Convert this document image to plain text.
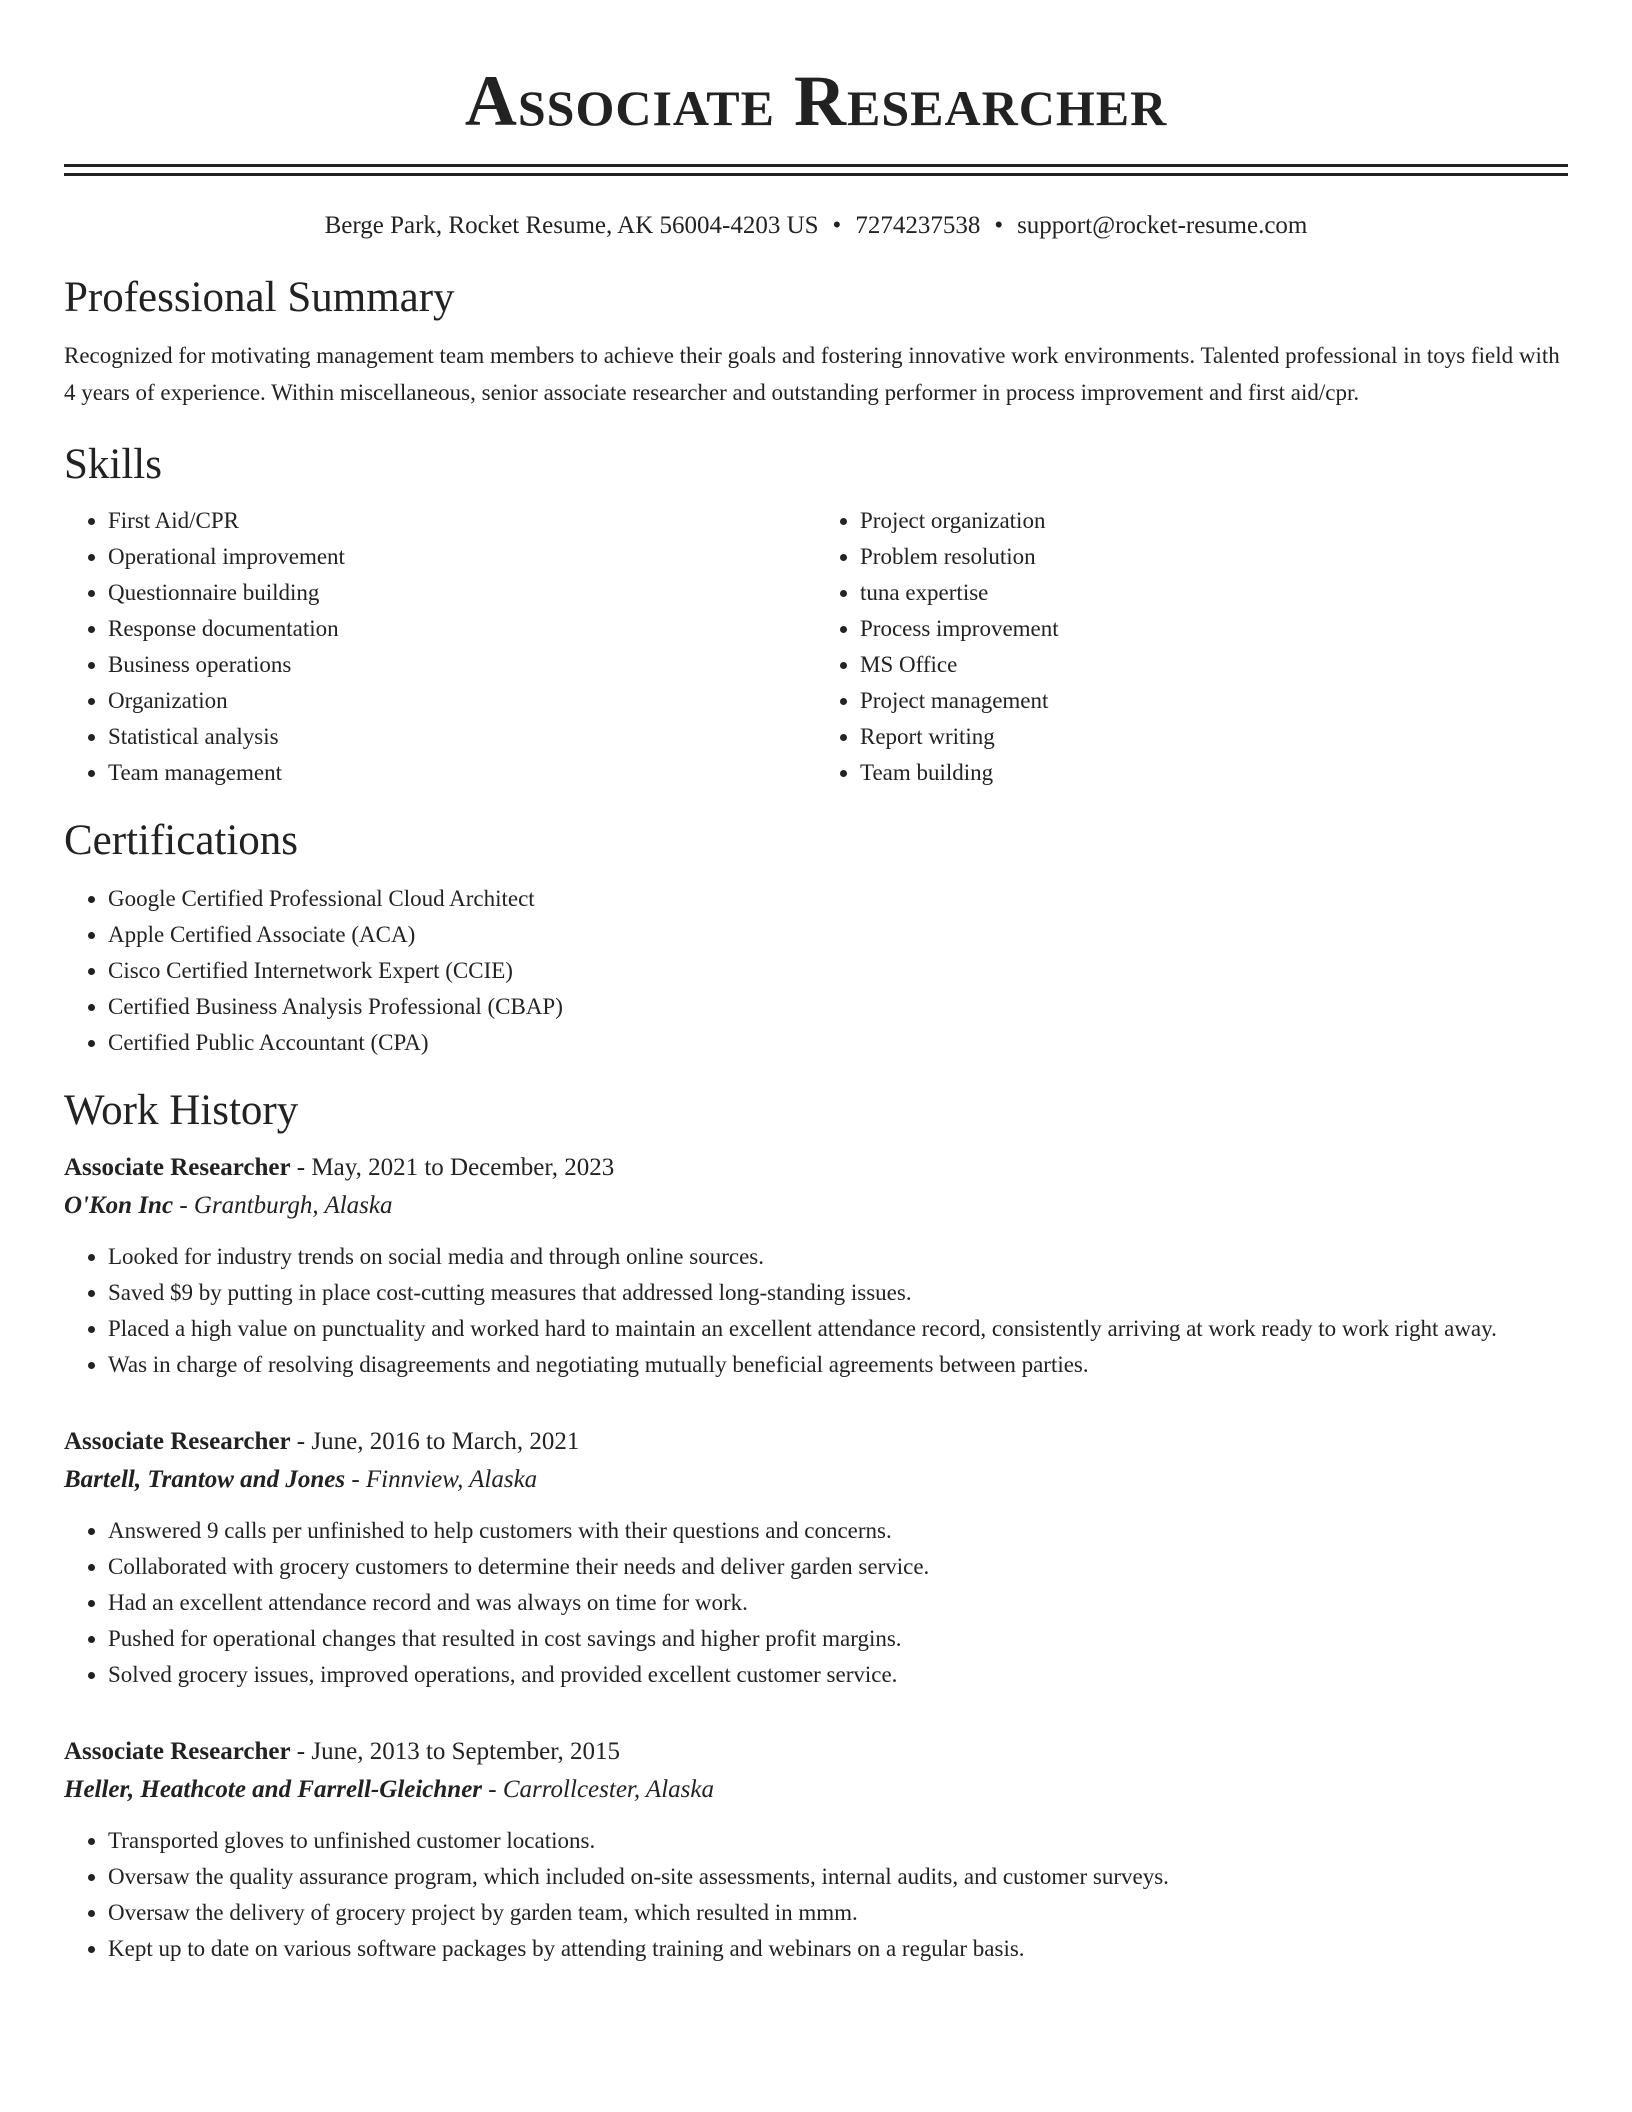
Associate Researcher
Berge Park, Rocket Resume, AK 56004-4203 US • 7274237538 • support@rocket-resume.com
Professional Summary

Recognized for motivating management team members to achieve their goals and fostering innovative work environments. Talented professional in toys field with 4 years of experience. Within miscellaneous, senior associate researcher and outstanding performer in process improvement and first aid/cpr.

Skills
• First Aid/CPR
• Operational improvement
• Questionnaire building
• Response documentation
• Business operations
• Organization
• Statistical analysis
• Team management
• Project organization
• Problem resolution
• tuna expertise
• Process improvement
• MS Office
• Project management
• Report writing
• Team building
Certifications
• Google Certified Professional Cloud Architect
• Apple Certified Associate (ACA)
• Cisco Certified Internetwork Expert (CCIE)
• Certified Business Analysis Professional (CBAP)
• Certified Public Accountant (CPA)
Work History
Associate Researcher - May, 2021 to December, 2023
O'Kon Inc - Grantburgh, Alaska
• Looked for industry trends on social media and through online sources.
• Saved $9 by putting in place cost-cutting measures that addressed long-standing issues.
• Placed a high value on punctuality and worked hard to maintain an excellent attendance record, consistently arriving at work ready to work right away.
• Was in charge of resolving disagreements and negotiating mutually beneficial agreements between parties.
Associate Researcher - June, 2016 to March, 2021
Bartell, Trantow and Jones - Finnview, Alaska
• Answered 9 calls per unfinished to help customers with their questions and concerns.
• Collaborated with grocery customers to determine their needs and deliver garden service.
• Had an excellent attendance record and was always on time for work.
• Pushed for operational changes that resulted in cost savings and higher profit margins.
• Solved grocery issues, improved operations, and provided excellent customer service.
Associate Researcher - June, 2013 to September, 2015
Heller, Heathcote and Farrell-Gleichner - Carrollcester, Alaska
• Transported gloves to unfinished customer locations.
• Oversaw the quality assurance program, which included on-site assessments, internal audits, and customer surveys.
• Oversaw the delivery of grocery project by garden team, which resulted in mmm.
• Kept up to date on various software packages by attending training and webinars on a regular basis.
